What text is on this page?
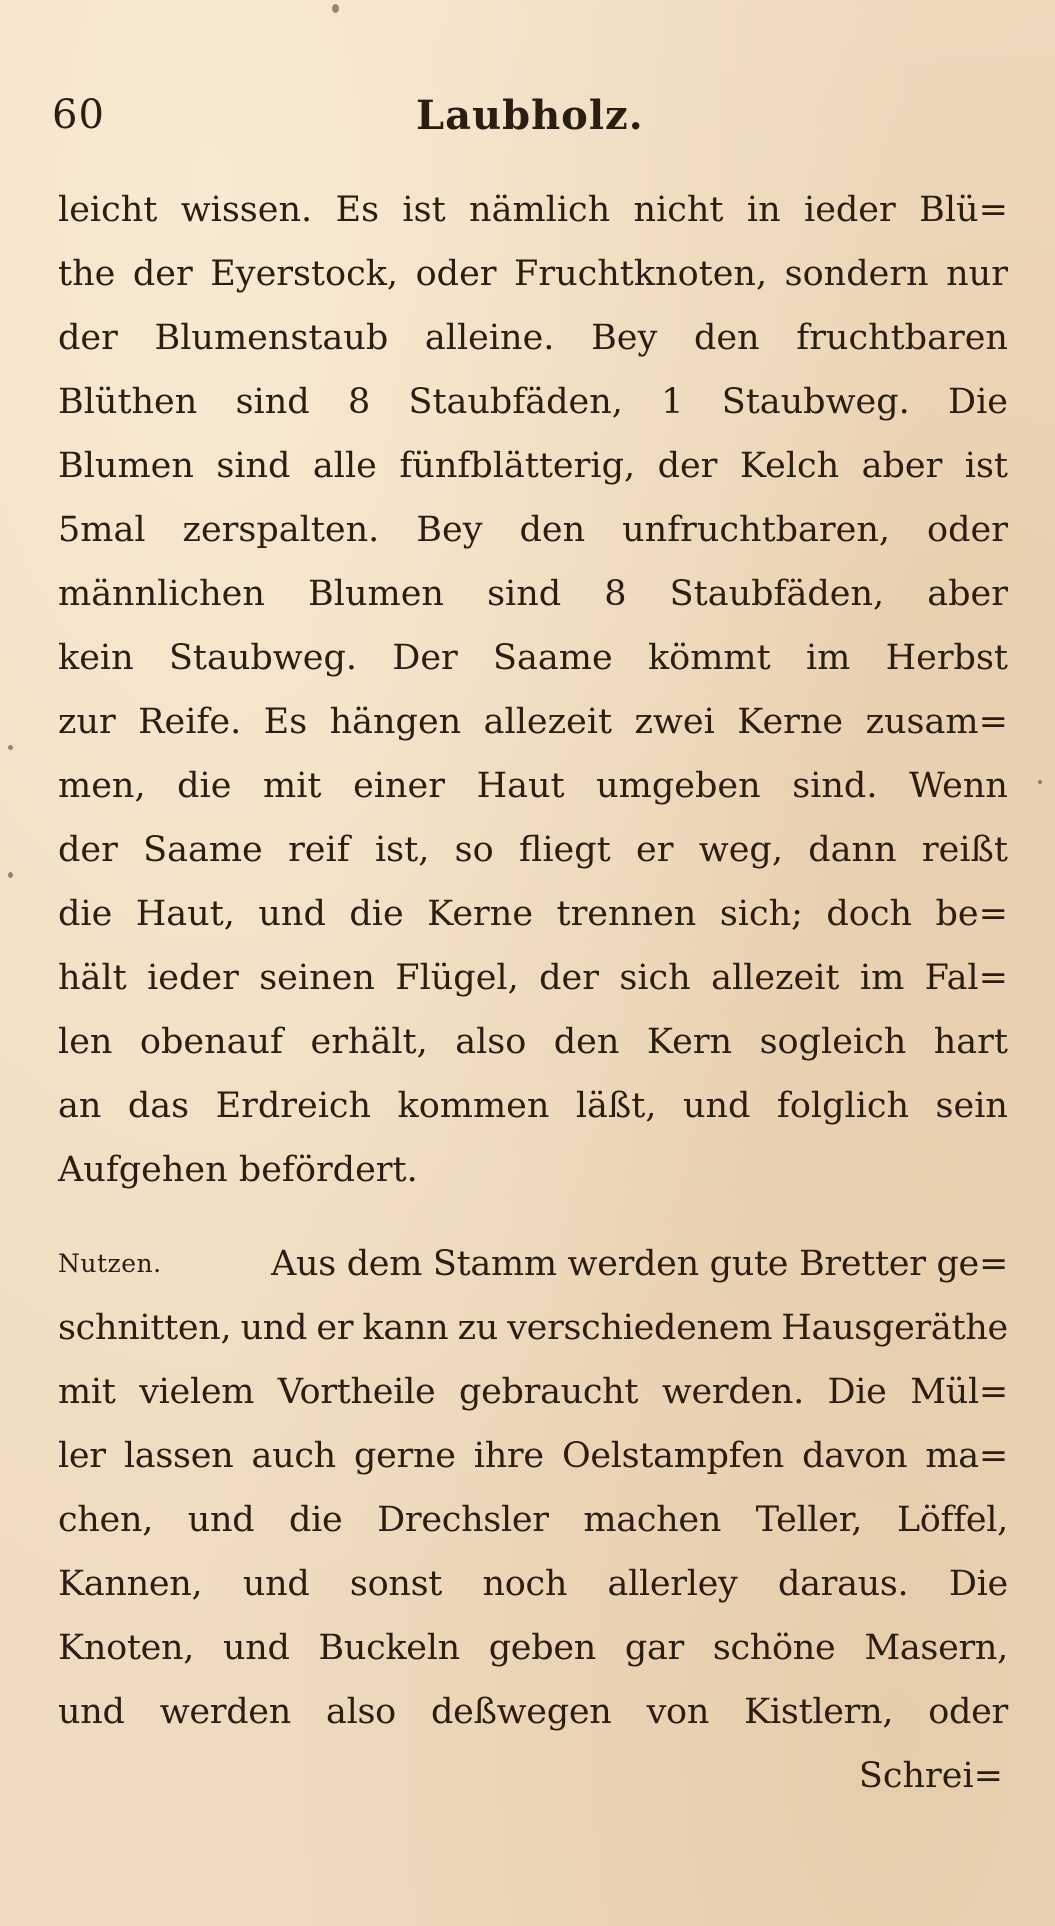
60	Laubholz.
leicht wissen. Es ist nämlich nicht in ieder Blü=
the der Eyerstock, oder Fruchtknoten, sondern nur
der Blumenstaub alleine. Bey den fruchtbaren
Blüthen sind 8 Staubfäden, 1 Staubweg. Die
Blumen sind alle fünfblätterig, der Kelch aber ist
5mal zerspalten. Bey den unfruchtbaren, oder
männlichen Blumen sind 8 Staubfäden, aber
kein Staubweg. Der Saame kömmt im Herbst
zur Reife. Es hängen allezeit zwei Kerne zusam=
men, die mit einer Haut umgeben sind. Wenn
der Saame reif ist, so fliegt er weg, dann reißt
die Haut, und die Kerne trennen sich; doch be=
hält ieder seinen Flügel, der sich allezeit im Fal=
len obenauf erhält, also den Kern sogleich hart
an das Erdreich kommen läßt, und folglich sein
Aufgehen befördert.
Nutzen.	Aus dem Stamm werden gute Bretter ge=
schnitten, und er kann zu verschiedenem Hausgeräthe
mit vielem Vortheile gebraucht werden. Die Mül=
ler lassen auch gerne ihre Oelstampfen davon ma=
chen, und die Drechsler machen Teller, Löffel,
Kannen, und sonst noch allerley daraus. Die
Knoten, und Buckeln geben gar schöne Masern,
und werden also deßwegen von Kistlern, oder
Schrei=
